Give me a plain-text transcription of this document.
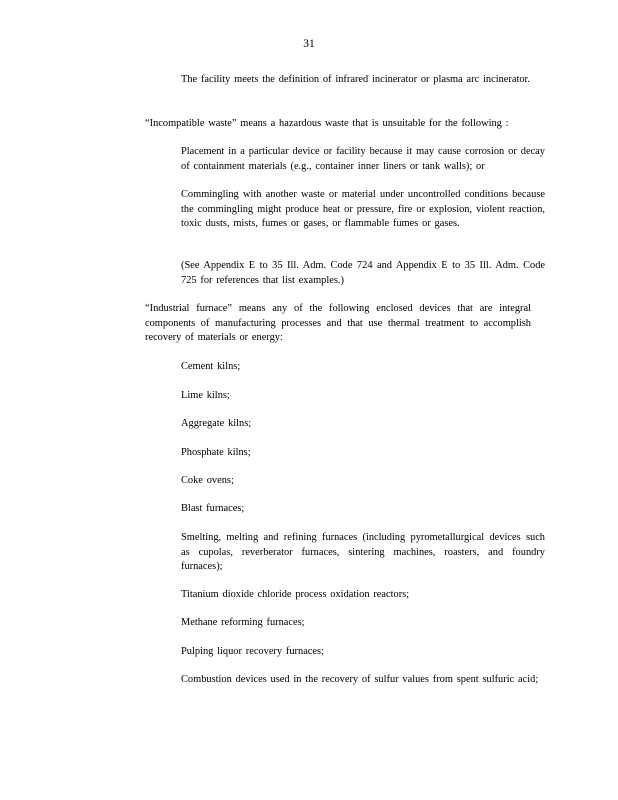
31

The facility meets the definition of infrared incinerator or plasma arc incinerator.

“Incompatible waste” means a hazardous waste that is unsuitable for the following :

Placement in a particular device or facility because it may cause corrosion or decay of containment materials (e.g., container inner liners or tank walls); or

Commingling with another waste or material under uncontrolled conditions because the commingling might produce heat or pressure, fire or explosion, violent reaction, toxic dusts, mists, fumes or gases, or flammable fumes or gases.

(See Appendix E to 35 Ill. Adm. Code 724 and Appendix E to 35 Ill. Adm. Code 725 for references that list examples.)

“Industrial furnace” means any of the following enclosed devices that are integral components of manufacturing processes and that use thermal treatment to accomplish recovery of materials or energy:

Cement kilns;

Lime kilns;

Aggregate kilns;

Phosphate kilns;

Coke ovens;

Blast furnaces;

Smelting, melting and refining furnaces (including pyrometallurgical devices such as cupolas, reverberator furnaces, sintering machines, roasters, and foundry furnaces);

Titanium dioxide chloride process oxidation reactors;

Methane reforming furnaces;

Pulping liquor recovery furnaces;

Combustion devices used in the recovery of sulfur values from spent sulfuric acid;
